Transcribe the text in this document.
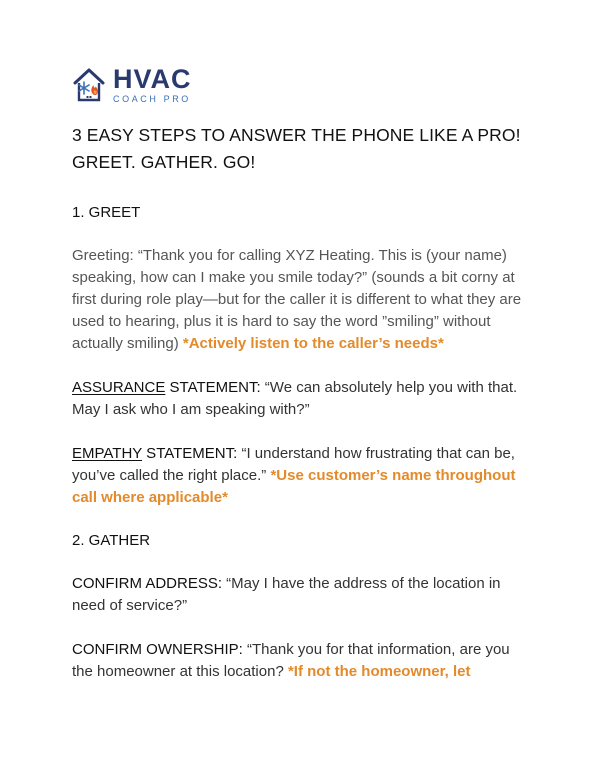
HVAC
COACH PRO
3 EASY STEPS TO ANSWER THE PHONE LIKE A PRO!
GREET. GATHER. GO!
1. GREET

Greeting: “Thank you for calling XYZ Heating. This is (your name) speaking, how can I make you smile today?” (sounds a bit corny at first during role play—but for the caller it is different to what they are used to hearing, plus it is hard to say the word ”smiling” without actually smiling) *Actively listen to the caller’s needs*

ASSURANCE STATEMENT: “We can absolutely help you with that. May I ask who I am speaking with?”

EMPATHY STATEMENT: “I understand how frustrating that can be, you’ve called the right place.” *Use customer’s name throughout call where applicable*

2. GATHER

CONFIRM ADDRESS: “May I have the address of the location in need of service?”

CONFIRM OWNERSHIP: “Thank you for that information, are you the homeowner at this location? *If not the homeowner, let
